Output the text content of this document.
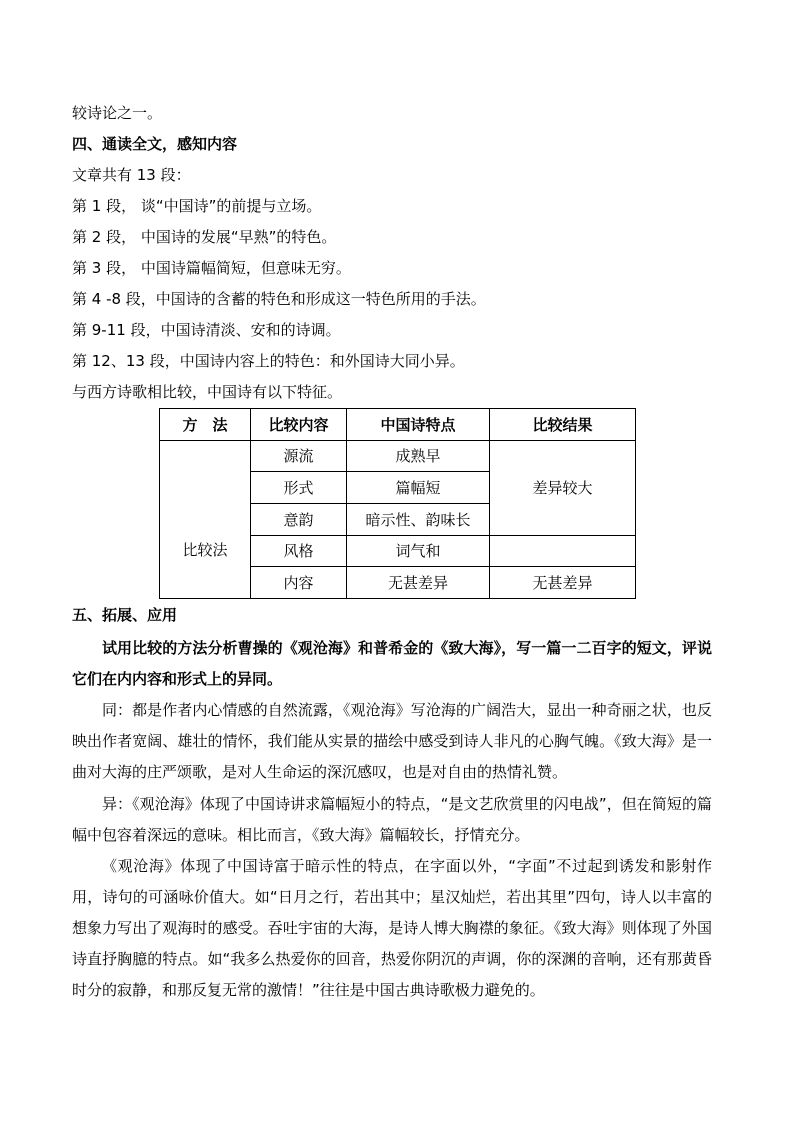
较诗论之一。
四、通读全文，感知内容
文章共有 13 段：
第 1 段， 谈“中国诗”的前提与立场。
第 2 段， 中国诗的发展“早熟”的特色。
第 3 段， 中国诗篇幅简短，但意味无穷。
第 4 -8 段，中国诗的含蓄的特色和形成这一特色所用的手法。
第 9-11 段，中国诗清淡、安和的诗调。
第 12、13 段，中国诗内容上的特色：和外国诗大同小异。
与西方诗歌相比较，中国诗有以下特征。
方　法	比较内容	中国诗特点	比较结果
比较法	源流	成熟早	差异较大
	形式	篇幅短	
	意韵	暗示性、韵味长	
	风格	词气和	
	内容	无甚差异	无甚差异
五、拓展、应用
试用比较的方法分析曹操的《观沧海》和普希金的《致大海》，写一篇一二百字的短文，评说它们在内内容和形式上的异同。
同：都是作者内心情感的自然流露，《观沧海》写沧海的广阔浩大，显出一种奇丽之状，也反映出作者宽阔、雄壮的情怀，我们能从实景的描绘中感受到诗人非凡的心胸气魄。《致大海》是一曲对大海的庄严颂歌，是对人生命运的深沉感叹，也是对自由的热情礼赞。
异：《观沧海》体现了中国诗讲求篇幅短小的特点，“是文艺欣赏里的闪电战”，但在简短的篇幅中包容着深远的意味。相比而言，《致大海》篇幅较长，抒情充分。
《观沧海》体现了中国诗富于暗示性的特点，在字面以外，“字面”不过起到诱发和影射作用，诗句的可涵咏价值大。如“日月之行，若出其中；星汉灿烂，若出其里”四句，诗人以丰富的想象力写出了观海时的感受。吞吐宇宙的大海，是诗人博大胸襟的象征。《致大海》则体现了外国诗直抒胸臆的特点。如“我多么热爱你的回音，热爱你阴沉的声调，你的深渊的音响，还有那黄昏时分的寂静，和那反复无常的激情！”往往是中国古典诗歌极力避免的。
